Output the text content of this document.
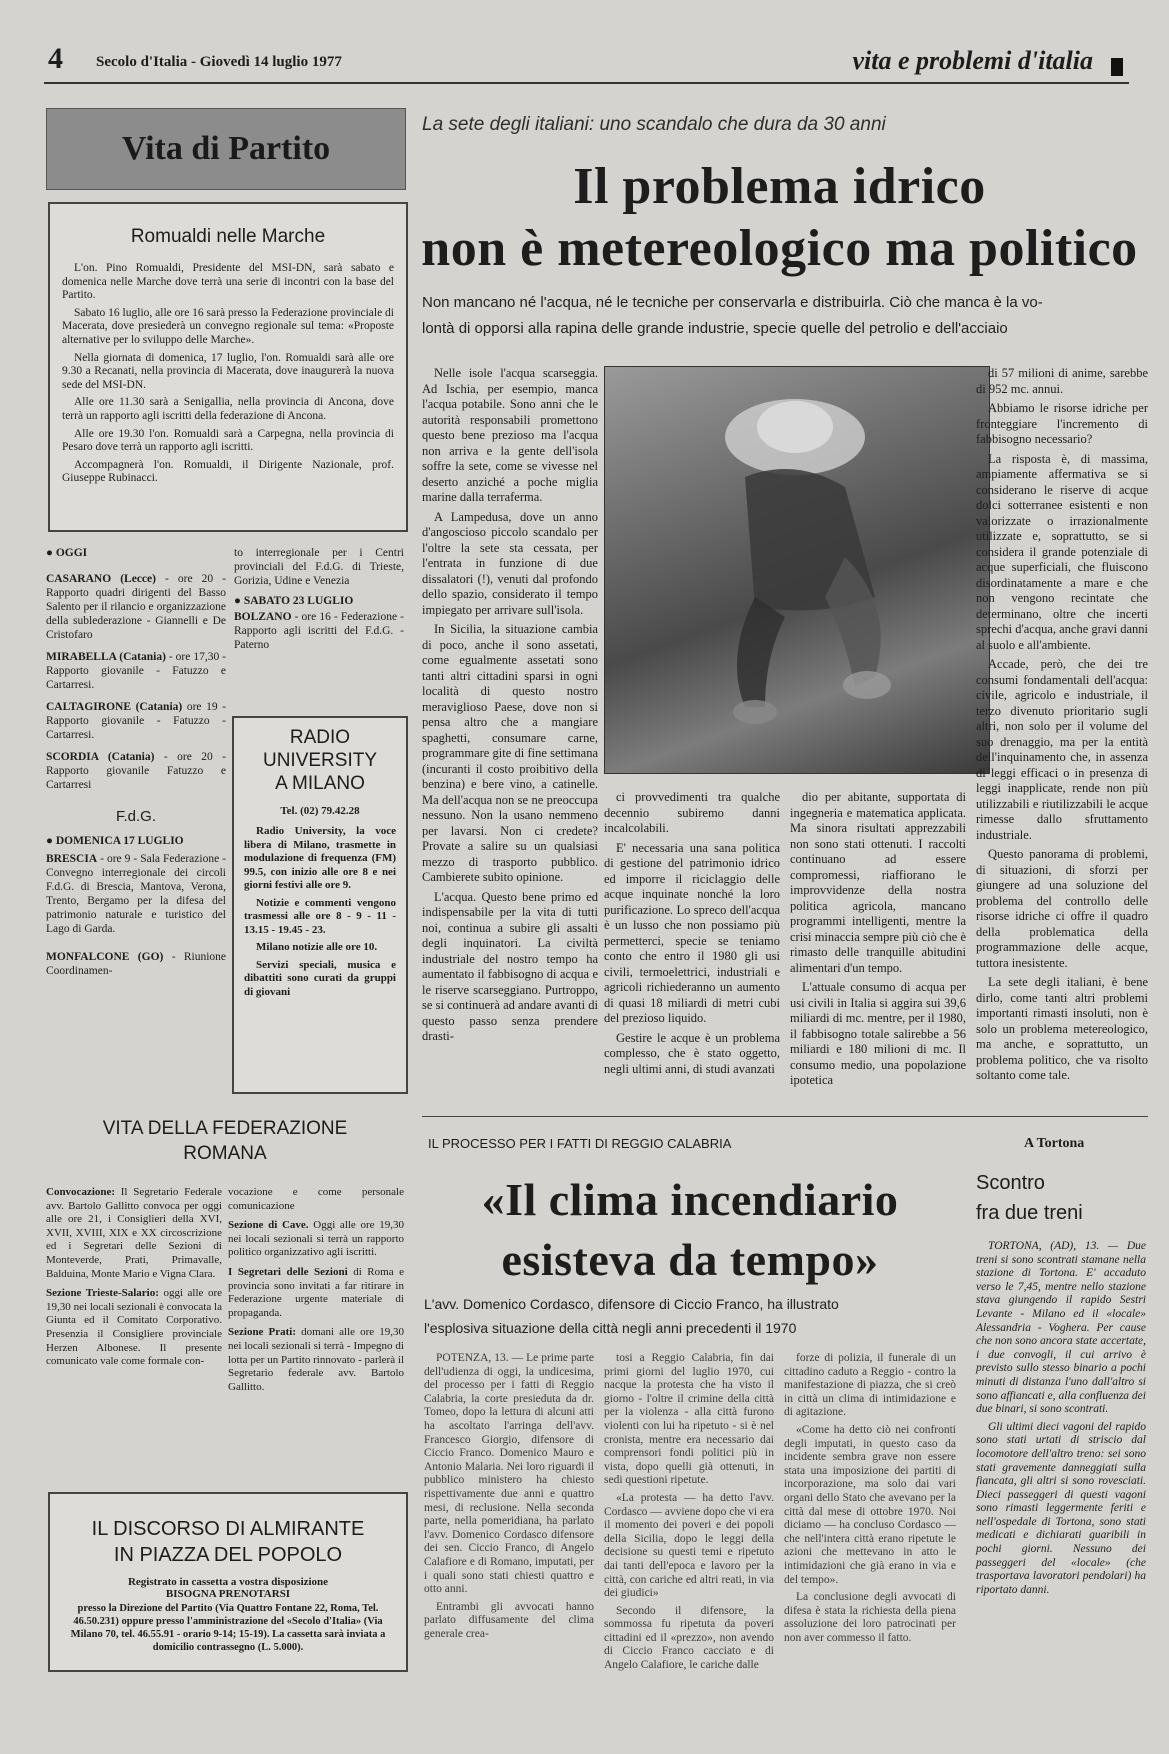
4 Secolo d'Italia - Giovedì 14 luglio 1977	vita e problemi d'italia
Vita di Partito
Romualdi nelle Marche

L'on. Pino Romualdi, Presidente del MSI-DN, sarà sabato e domenica nelle Marche dove terrà una serie di incontri con la base del Partito.

Sabato 16 luglio, alle ore 16 sarà presso la Federazione provinciale di Macerata, dove presiederà un convegno regionale sul tema: «Proposte alternative per lo sviluppo delle Marche».

Nella giornata di domenica, 17 luglio, l'on. Romualdi sarà alle ore 9.30 a Recanati, nella provincia di Macerata, dove inaugurerà la nuova sede del MSI-DN.

Alle ore 11.30 sarà a Senigallia, nella provincia di Ancona, dove terrà un rapporto agli iscritti della federazione di Ancona.

Alle ore 19.30 l'on. Romualdi sarà a Carpegna, nella provincia di Pesaro dove terrà un rapporto agli iscritti.

Accompagnerà l'on. Romualdi, il Dirigente Nazionale, prof. Giuseppe Rubinacci.

● OGGI

CASARANO (Lecce) - ore 20 - Rapporto quadri dirigenti del Basso Salento per il rilancio e organizzazione della sublederazione - Giannelli e De Cristofaro

MIRABELLA (Catania) - ore 17,30 - Rapporto giovanile - Fatuzzo e Cartarresi.

CALTAGIRONE (Catania) ore 19 - Rapporto giovanile - Fatuzzo - Cartarresi.

SCORDIA (Catania) - ore 20 - Rapporto giovanile Fatuzzo e Cartarresi

F.d.G.
● DOMENICA 17 LUGLIO

BRESCIA - ore 9 - Sala Federazione - Convegno interregionale dei circoli F.d.G. di Brescia, Mantova, Verona, Trento, Bergamo per la difesa del patrimonio naturale e turistico del Lago di Garda.

MONFALCONE (GO) - Riunione Coordinamen-

to interregionale per i Centri provinciali del F.d.G. di Trieste, Gorizia, Udine e Venezia

● SABATO 23 LUGLIO

BOLZANO - ore 16 - Federazione - Rapporto agli iscritti del F.d.G. - Paterno

RADIO
UNIVERSITY
A MILANO
Tel. (02) 79.42.28

Radio University, la voce libera di Milano, trasmette in modulazione di frequenza (FM) 99.5, con inizio alle ore 8 e nei giorni festivi alle ore 9.

Notizie e commenti vengono trasmessi alle ore 8 - 9 - 11 - 13.15 - 19.45 - 23.

Milano notizie alle ore 10.

Servizi speciali, musica e dibattiti sono curati da gruppi di giovani

VITA DELLA FEDERAZIONE
ROMANA

Convocazione: Il Segretario Federale avv. Bartolo Gallitto convoca per oggi alle ore 21, i Consiglieri della XVI, XVII, XVIII, XIX e XX circoscrizione ed i Segretari delle Sezioni di Monteverde, Prati, Primavalle, Balduina, Monte Mario e Vigna Clara.

Sezione Trieste-Salario: oggi alle ore 19,30 nei locali sezionali è convocata la Giunta ed il Comitato Corporativo. Presenzia il Consigliere provinciale Herzen Albonese. Il presente comunicato vale come formale con-

vocazione e come personale comunicazione

Sezione di Cave. Oggi alle ore 19,30 nei locali sezionali si terrà un rapporto politico organizzativo agli iscritti.

I Segretari delle Sezioni di Roma e provincia sono invitati a far ritirare in Federazione urgente materiale di propaganda.

Sezione Prati: domani alle ore 19,30 nei locali sezionali si terrà - Impegno di lotta per un Partito rinnovato - parlerà il Segretario federale avv. Bartolo Gallitto.

IL DISCORSO DI ALMIRANTE
IN PIAZZA DEL POPOLO
Registrato in cassetta a vostra disposizione
BISOGNA PRENOTARSI
presso la Direzione del Partito (Via Quattro Fontane 22, Roma, Tel. 46.50.231) oppure presso l'amministrazione del «Secolo d'Italia» (Via Milano 70, tel. 46.55.91 - orario 9-14; 15-19). La cassetta sarà inviata a domicilio contrassegno (L. 5.000).
La sete degli italiani: uno scandalo che dura da 30 anni
Il problema idrico
non è metereologico ma politico
Non mancano né l'acqua, né le tecniche per conservarla e distribuirla. Ciò che manca è la vo-
lontà di opporsi alla rapina delle grande industrie, specie quelle del petrolio e dell'acciaio

Nelle isole l'acqua scarseggia. Ad Ischia, per esempio, manca l'acqua potabile. Sono anni che le autorità responsabili promettono questo bene prezioso ma l'acqua non arriva e la gente dell'isola soffre la sete, come se vivesse nel deserto anziché a poche miglia marine dalla terraferma.

A Lampedusa, dove un anno d'angoscioso piccolo scandalo per l'oltre la sete sta cessata, per l'entrata in funzione di due dissalatori (!), venuti dal profondo dello spazio, considerato il tempo impiegato per arrivare sull'isola.

In Sicilia, la situazione cambia di poco, anche il sono assetati, come egualmente assetati sono tanti altri cittadini sparsi in ogni località di questo nostro meraviglioso Paese, dove non si pensa altro che a mangiare spaghetti, consumare carne, programmare gite di fine settimana (incuranti il costo proibitivo della benzina) e bere vino, a catinelle. Ma dell'acqua non se ne preoccupa nessuno. Non la usano nemmeno per lavarsi. Non ci credete? Provate a salire su un qualsiasi mezzo di trasporto pubblico. Cambierete subito opinione.

L'acqua. Questo bene primo ed indispensabile per la vita di tutti noi, continua a subire gli assalti degli inquinatori. La civiltà industriale del nostro tempo ha aumentato il fabbisogno di acqua e le riserve scarseggiano. Purtroppo, se si continuerà ad andare avanti di questo passo senza prendere drasti-

ci provvedimenti tra qualche decennio subiremo danni incalcolabili.

E' necessaria una sana politica di gestione del patrimonio idrico ed imporre il riciclaggio delle acque inquinate nonché la loro purificazione. Lo spreco dell'acqua è un lusso che non possiamo più permetterci, specie se teniamo conto che entro il 1980 gli usi civili, termoelettrici, industriali e agricoli richiederanno un aumento di quasi 18 miliardi di metri cubi del prezioso liquido.

Gestire le acque è un problema complesso, che è stato oggetto, negli ultimi anni, di studi avanzati

dio per abitante, supportata di ingegneria e matematica applicata. Ma sinora risultati apprezzabili non sono stati ottenuti. I raccolti continuano ad essere compromessi, riaffiorano le improvvidenze della nostra politica agricola, mancano programmi intelligenti, mentre la crisi minaccia sempre più ciò che è rimasto delle tranquille abitudini alimentari d'un tempo.

L'attuale consumo di acqua per usi civili in Italia si aggira sui 39,6 miliardi di mc. mentre, per il 1980, il fabbisogno totale salirebbe a 56 miliardi e 180 milioni di mc. Il consumo medio, una popolazione ipotetica

di 57 milioni di anime, sarebbe di 952 mc. annui.

Abbiamo le risorse idriche per fronteggiare l'incremento di fabbisogno necessario?

La risposta è, di massima, ampiamente affermativa se si considerano le riserve di acque dolci sotterranee esistenti e non valorizzate o irrazionalmente utilizzate e, soprattutto, se si considera il grande potenziale di acque superficiali, che fluiscono disordinatamente a mare e che non vengono recintate che determinano, oltre che incerti sprechi d'acqua, anche gravi danni al suolo e all'ambiente.

Accade, però, che dei tre consumi fondamentali dell'acqua: civile, agricolo e industriale, il terzo divenuto prioritario sugli altri, non solo per il volume del suo drenaggio, ma per la entità dell'inquinamento che, in assenza di leggi efficaci o in presenza di leggi inapplicate, rende non più utilizzabili e riutilizzabili le acque rimesse dallo sfruttamento industriale.

Questo panorama di problemi, di situazioni, di sforzi per giungere ad una soluzione del problema del controllo delle risorse idriche ci offre il quadro della problematica della programmazione delle acque, tuttora inesistente.

La sete degli italiani, è bene dirlo, come tanti altri problemi importanti rimasti insoluti, non è solo un problema metereologico, ma anche, e soprattutto, un problema politico, che va risolto soltanto come tale.

IL PROCESSO PER I FATTI DI REGGIO CALABRIA
«Il clima incendiario
esisteva da tempo»
L'avv. Domenico Cordasco, difensore di Ciccio Franco, ha illustrato
l'esplosiva situazione della città negli anni precedenti il 1970

POTENZA, 13. — Le prime parte dell'udienza di oggi, la undicesima, del processo per i fatti di Reggio Calabria, la corte presieduta da dr. Tomeo, dopo la lettura di alcuni atti ha ascoltato l'arringa dell'avv. Francesco Giorgio, difensore di Ciccio Franco. Domenico Mauro e Antonio Malaria. Nei loro riguardi il pubblico ministero ha chiesto rispettivamente due anni e quattro mesi, di reclusione. Nella seconda parte, nella pomeridiana, ha parlato l'avv. Domenico Cordasco difensore dei sen. Ciccio Franco, di Angelo Calafiore e di Romano, imputati, per i quali sono stati chiesti quattro e otto anni.

Entrambi gli avvocati hanno parlato diffusamente del clima generale crea-

tosi a Reggio Calabria, fin dai primi giorni del luglio 1970, cui nacque la protesta che ha visto il giorno - l'oltre il crimine della città per la violenza - alla città furono violenti con lui ha ripetuto - si è nel cronista, mentre era necessario dai comprensori fondi politici più in vista, dopo quelli già ottenuti, in sedi questioni ripetute.

«La protesta — ha detto l'avv. Cordasco — avviene dopo che vi era il momento dei poveri e dei popoli della Sicilia, dopo le leggi della decisione su questi temi e ripetuto dai tanti dell'epoca e lavoro per la città, con cariche ed altri reati, in via dei giudici»

Secondo il difensore, la sommossa fu ripetuta da poveri cittadini ed il «prezzo», non avendo di Ciccio Franco cacciato e di Angelo Calafiore, le cariche dalle

forze di polizia, il funerale di un cittadino caduto a Reggio - contro la manifestazione di piazza, che si creò in città un clima di intimidazione e di agitazione.

«Come ha detto ciò nei confronti degli imputati, in questo caso da incidente sembra grave non essere stata una imposizione dei partiti di incorporazione, ma solo dai vari organi dello Stato che avevano per la città dal mese di ottobre 1970. Noi diciamo — ha concluso Cordasco — che nell'intera città erano ripetute le azioni che mettevano in atto le intimidazioni che già erano in via e del tempo».

La conclusione degli avvocati di difesa è stata la richiesta della piena assoluzione dei loro patrocinati per non aver commesso il fatto.

A Tortona
Scontro
fra due treni

TORTONA, (AD), 13. — Due treni si sono scontrati stamane nella stazione di Tortona. E' accaduto verso le 7,45, mentre nello stazione stava giungendo il rapido Sestri Levante - Milano ed il «locale» Alessandria - Voghera. Per cause che non sono ancora state accertate, i due convogli, il cui arrivo è previsto sullo stesso binario a pochi minuti di distanza l'uno dall'altro si sono affiancati e, alla confluenza dei due binari, si sono scontrati.

Gli ultimi dieci vagoni del rapido sono stati urtati di striscio dal locomotore dell'altro treno: sei sono stati gravemente danneggiati sulla fiancata, gli altri si sono rovesciati. Dieci passeggeri di questi vagoni sono rimasti leggermente feriti e nell'ospedale di Tortona, sono stati medicati e dichiarati guaribili in pochi giorni. Nessuno dei passeggeri del «locale» (che trasportava lavoratori pendolari) ha riportato danni.
